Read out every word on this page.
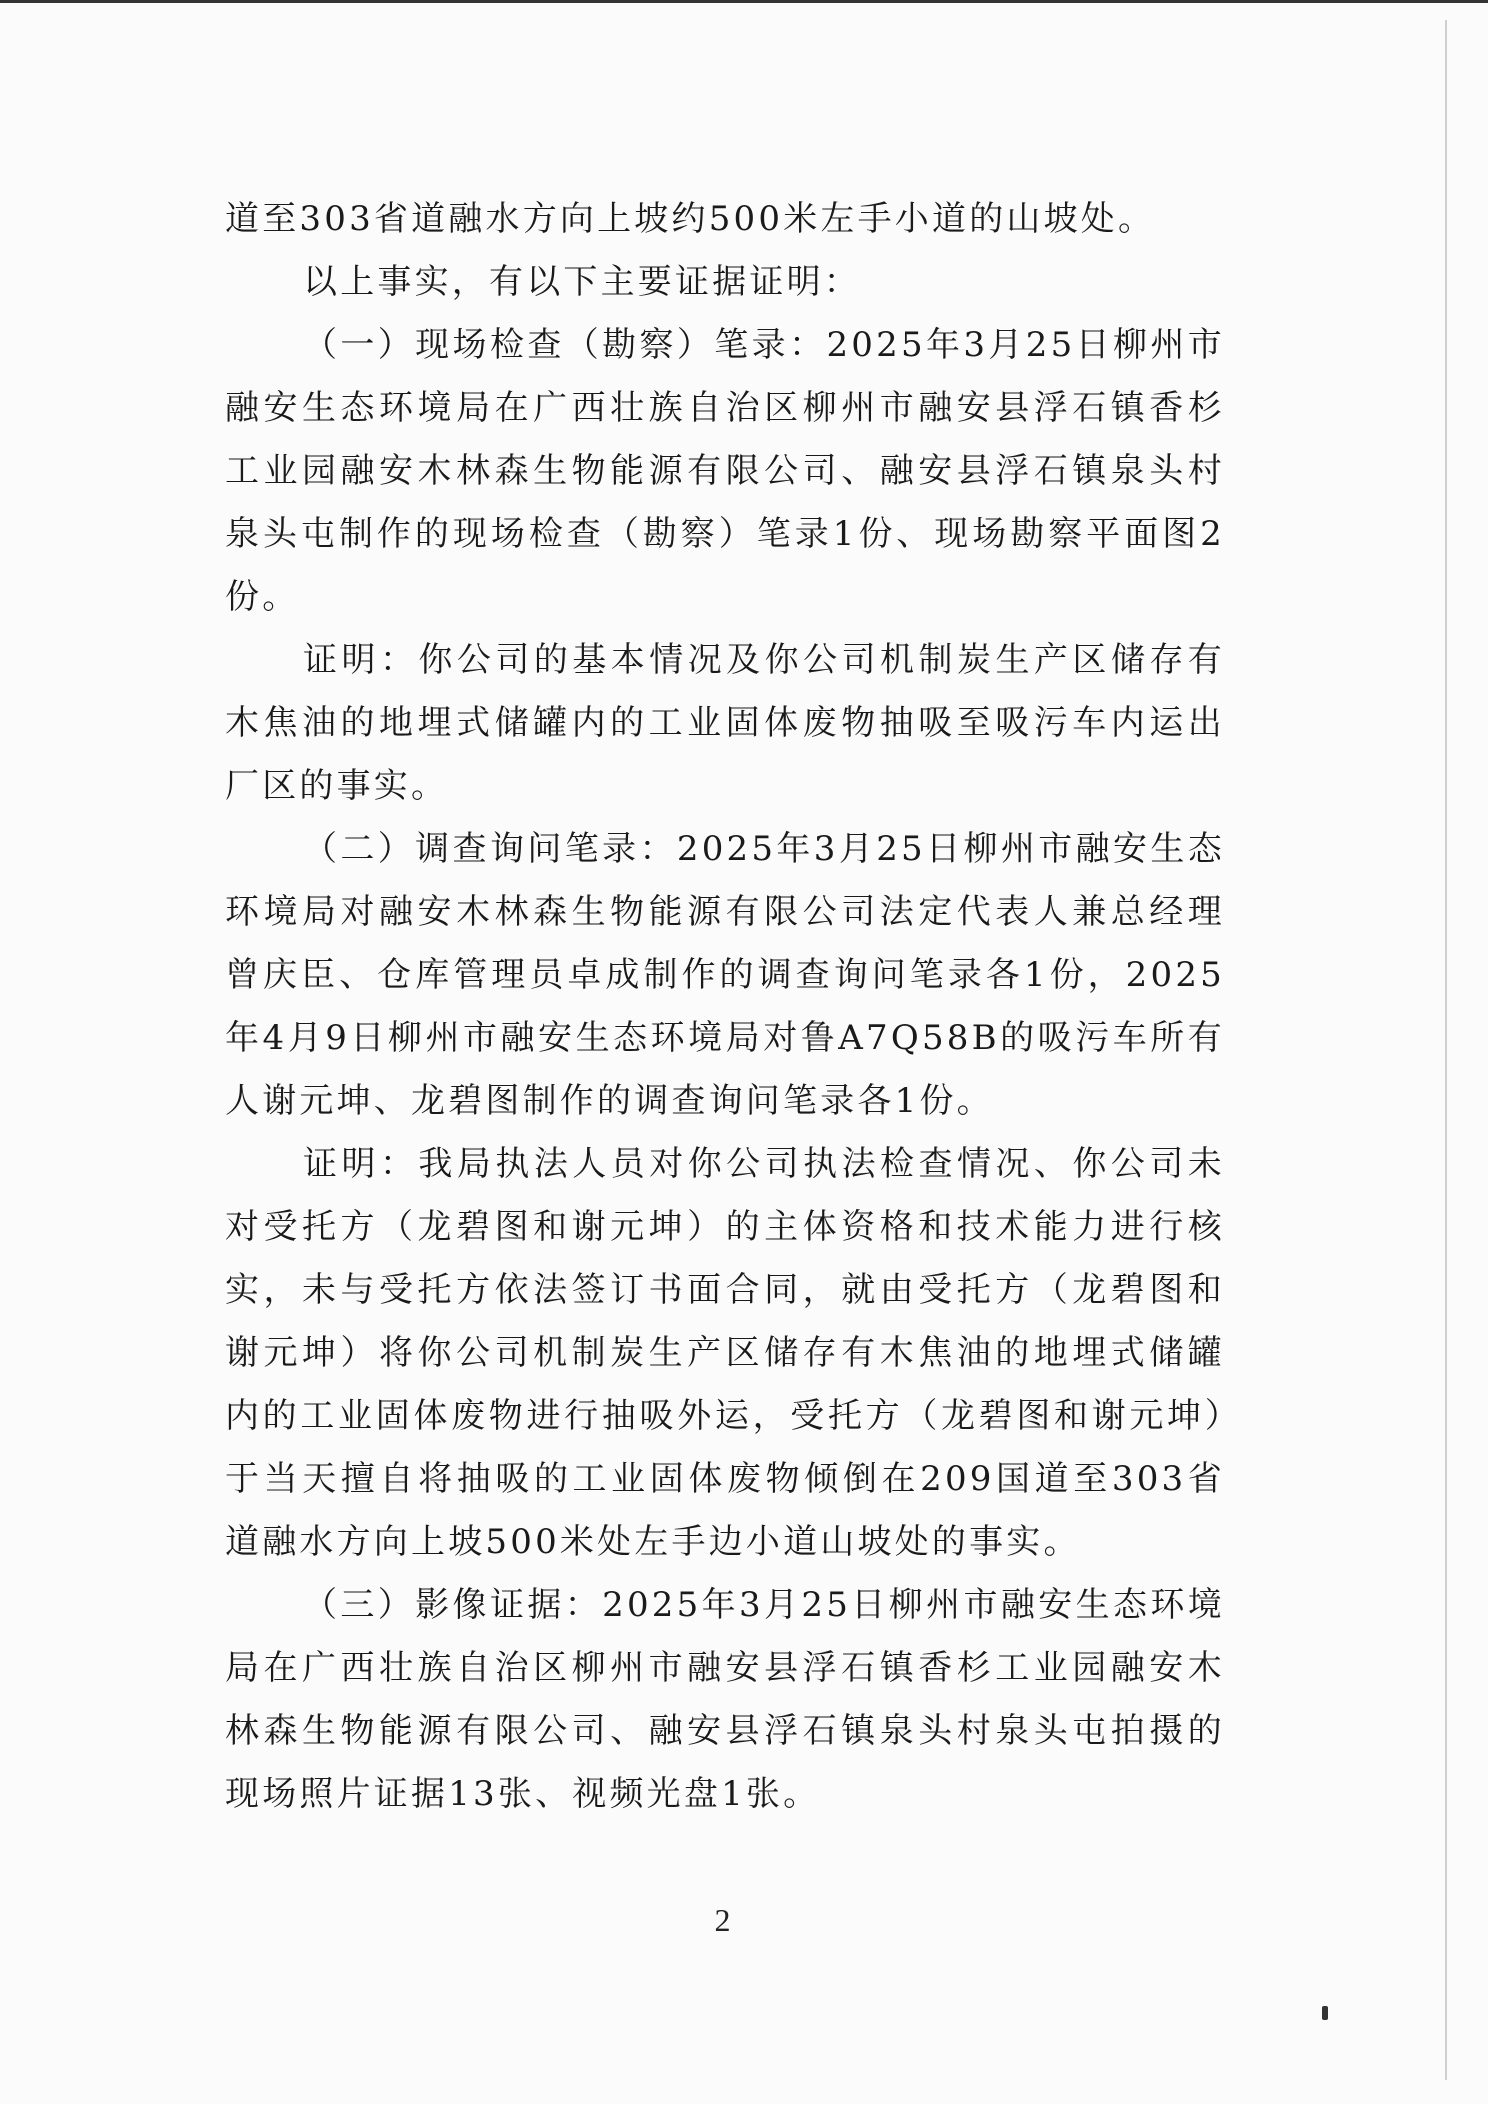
道至303省道融水方向上坡约500米左手小道的山坡处。

以上事实，有以下主要证据证明：

（一）现场检查（勘察）笔录：2025年3月25日柳州市融安生态环境局在广西壮族自治区柳州市融安县浮石镇香杉工业园融安木林森生物能源有限公司、融安县浮石镇泉头村泉头屯制作的现场检查（勘察）笔录1份、现场勘察平面图2份。

证明：你公司的基本情况及你公司机制炭生产区储存有木焦油的地埋式储罐内的工业固体废物抽吸至吸污车内运出厂区的事实。

（二）调查询问笔录：2025年3月25日柳州市融安生态环境局对融安木林森生物能源有限公司法定代表人兼总经理曾庆臣、仓库管理员卓成制作的调查询问笔录各1份，2025年4月9日柳州市融安生态环境局对鲁A7Q58B的吸污车所有人谢元坤、龙碧图制作的调查询问笔录各1份。

证明：我局执法人员对你公司执法检查情况、你公司未对受托方（龙碧图和谢元坤）的主体资格和技术能力进行核实，未与受托方依法签订书面合同，就由受托方（龙碧图和谢元坤）将你公司机制炭生产区储存有木焦油的地埋式储罐内的工业固体废物进行抽吸外运，受托方（龙碧图和谢元坤）于当天擅自将抽吸的工业固体废物倾倒在209国道至303省道融水方向上坡500米处左手边小道山坡处的事实。

（三）影像证据：2025年3月25日柳州市融安生态环境局在广西壮族自治区柳州市融安县浮石镇香杉工业园融安木林森生物能源有限公司、融安县浮石镇泉头村泉头屯拍摄的现场照片证据13张、视频光盘1张。

2
